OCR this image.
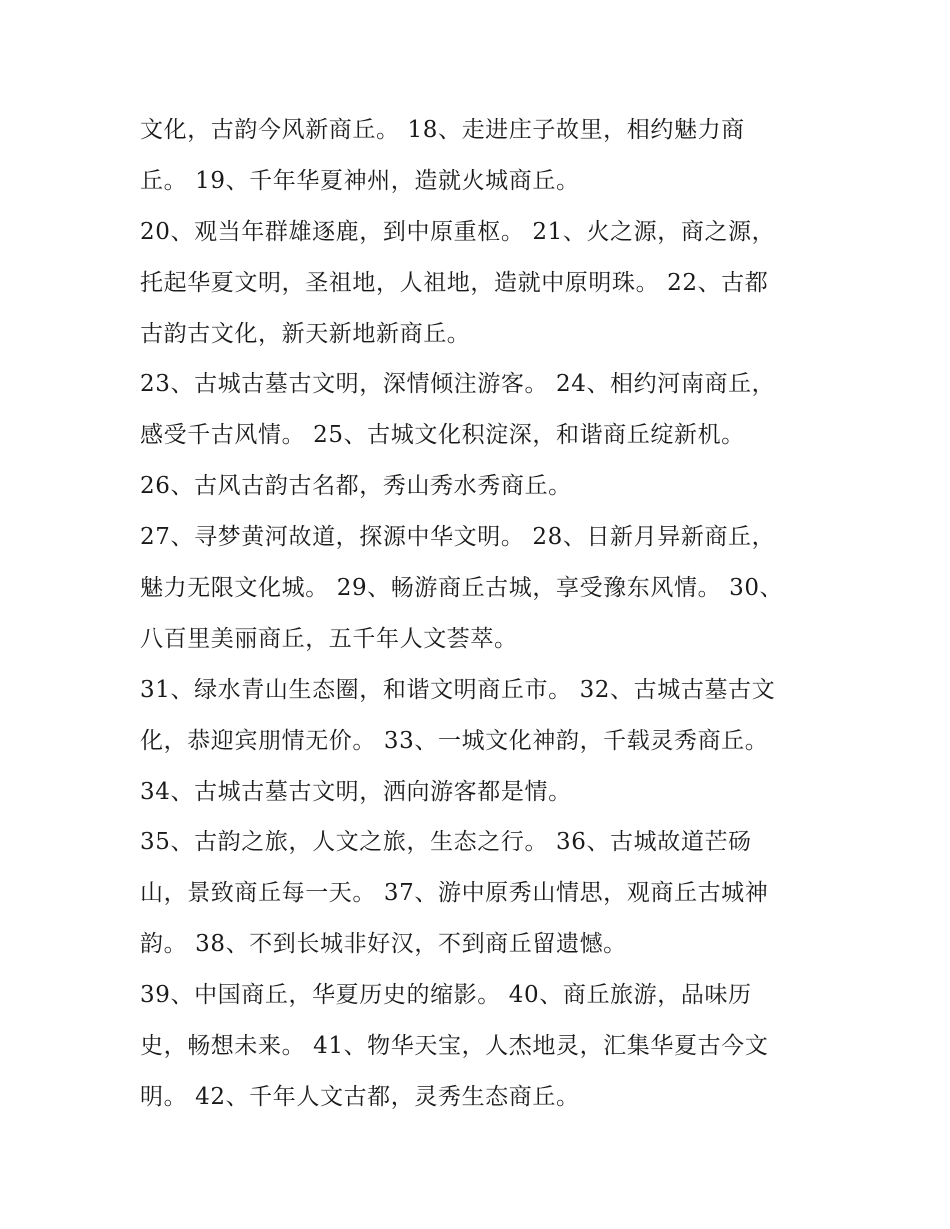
文化，古韵今风新商丘。 18、走进庄子故里，相约魅力商
丘。 19、千年华夏神州，造就火城商丘。
20、观当年群雄逐鹿，到中原重枢。 21、火之源，商之源，
托起华夏文明，圣祖地，人祖地，造就中原明珠。 22、古都
古韵古文化，新天新地新商丘。
23、古城古墓古文明，深情倾注游客。 24、相约河南商丘，
感受千古风情。 25、古城文化积淀深，和谐商丘绽新机。
26、古风古韵古名都，秀山秀水秀商丘。
27、寻梦黄河故道，探源中华文明。 28、日新月异新商丘，
魅力无限文化城。 29、畅游商丘古城，享受豫东风情。 30、
八百里美丽商丘，五千年人文荟萃。
31、绿水青山生态圈，和谐文明商丘市。 32、古城古墓古文
化，恭迎宾朋情无价。 33、一城文化神韵，千载灵秀商丘。
34、古城古墓古文明，洒向游客都是情。
35、古韵之旅，人文之旅，生态之行。 36、古城故道芒砀
山，景致商丘每一天。 37、游中原秀山情思，观商丘古城神
韵。 38、不到长城非好汉，不到商丘留遗憾。
39、中国商丘，华夏历史的缩影。 40、商丘旅游，品味历
史，畅想未来。 41、物华天宝，人杰地灵，汇集华夏古今文
明。 42、千年人文古都，灵秀生态商丘。
